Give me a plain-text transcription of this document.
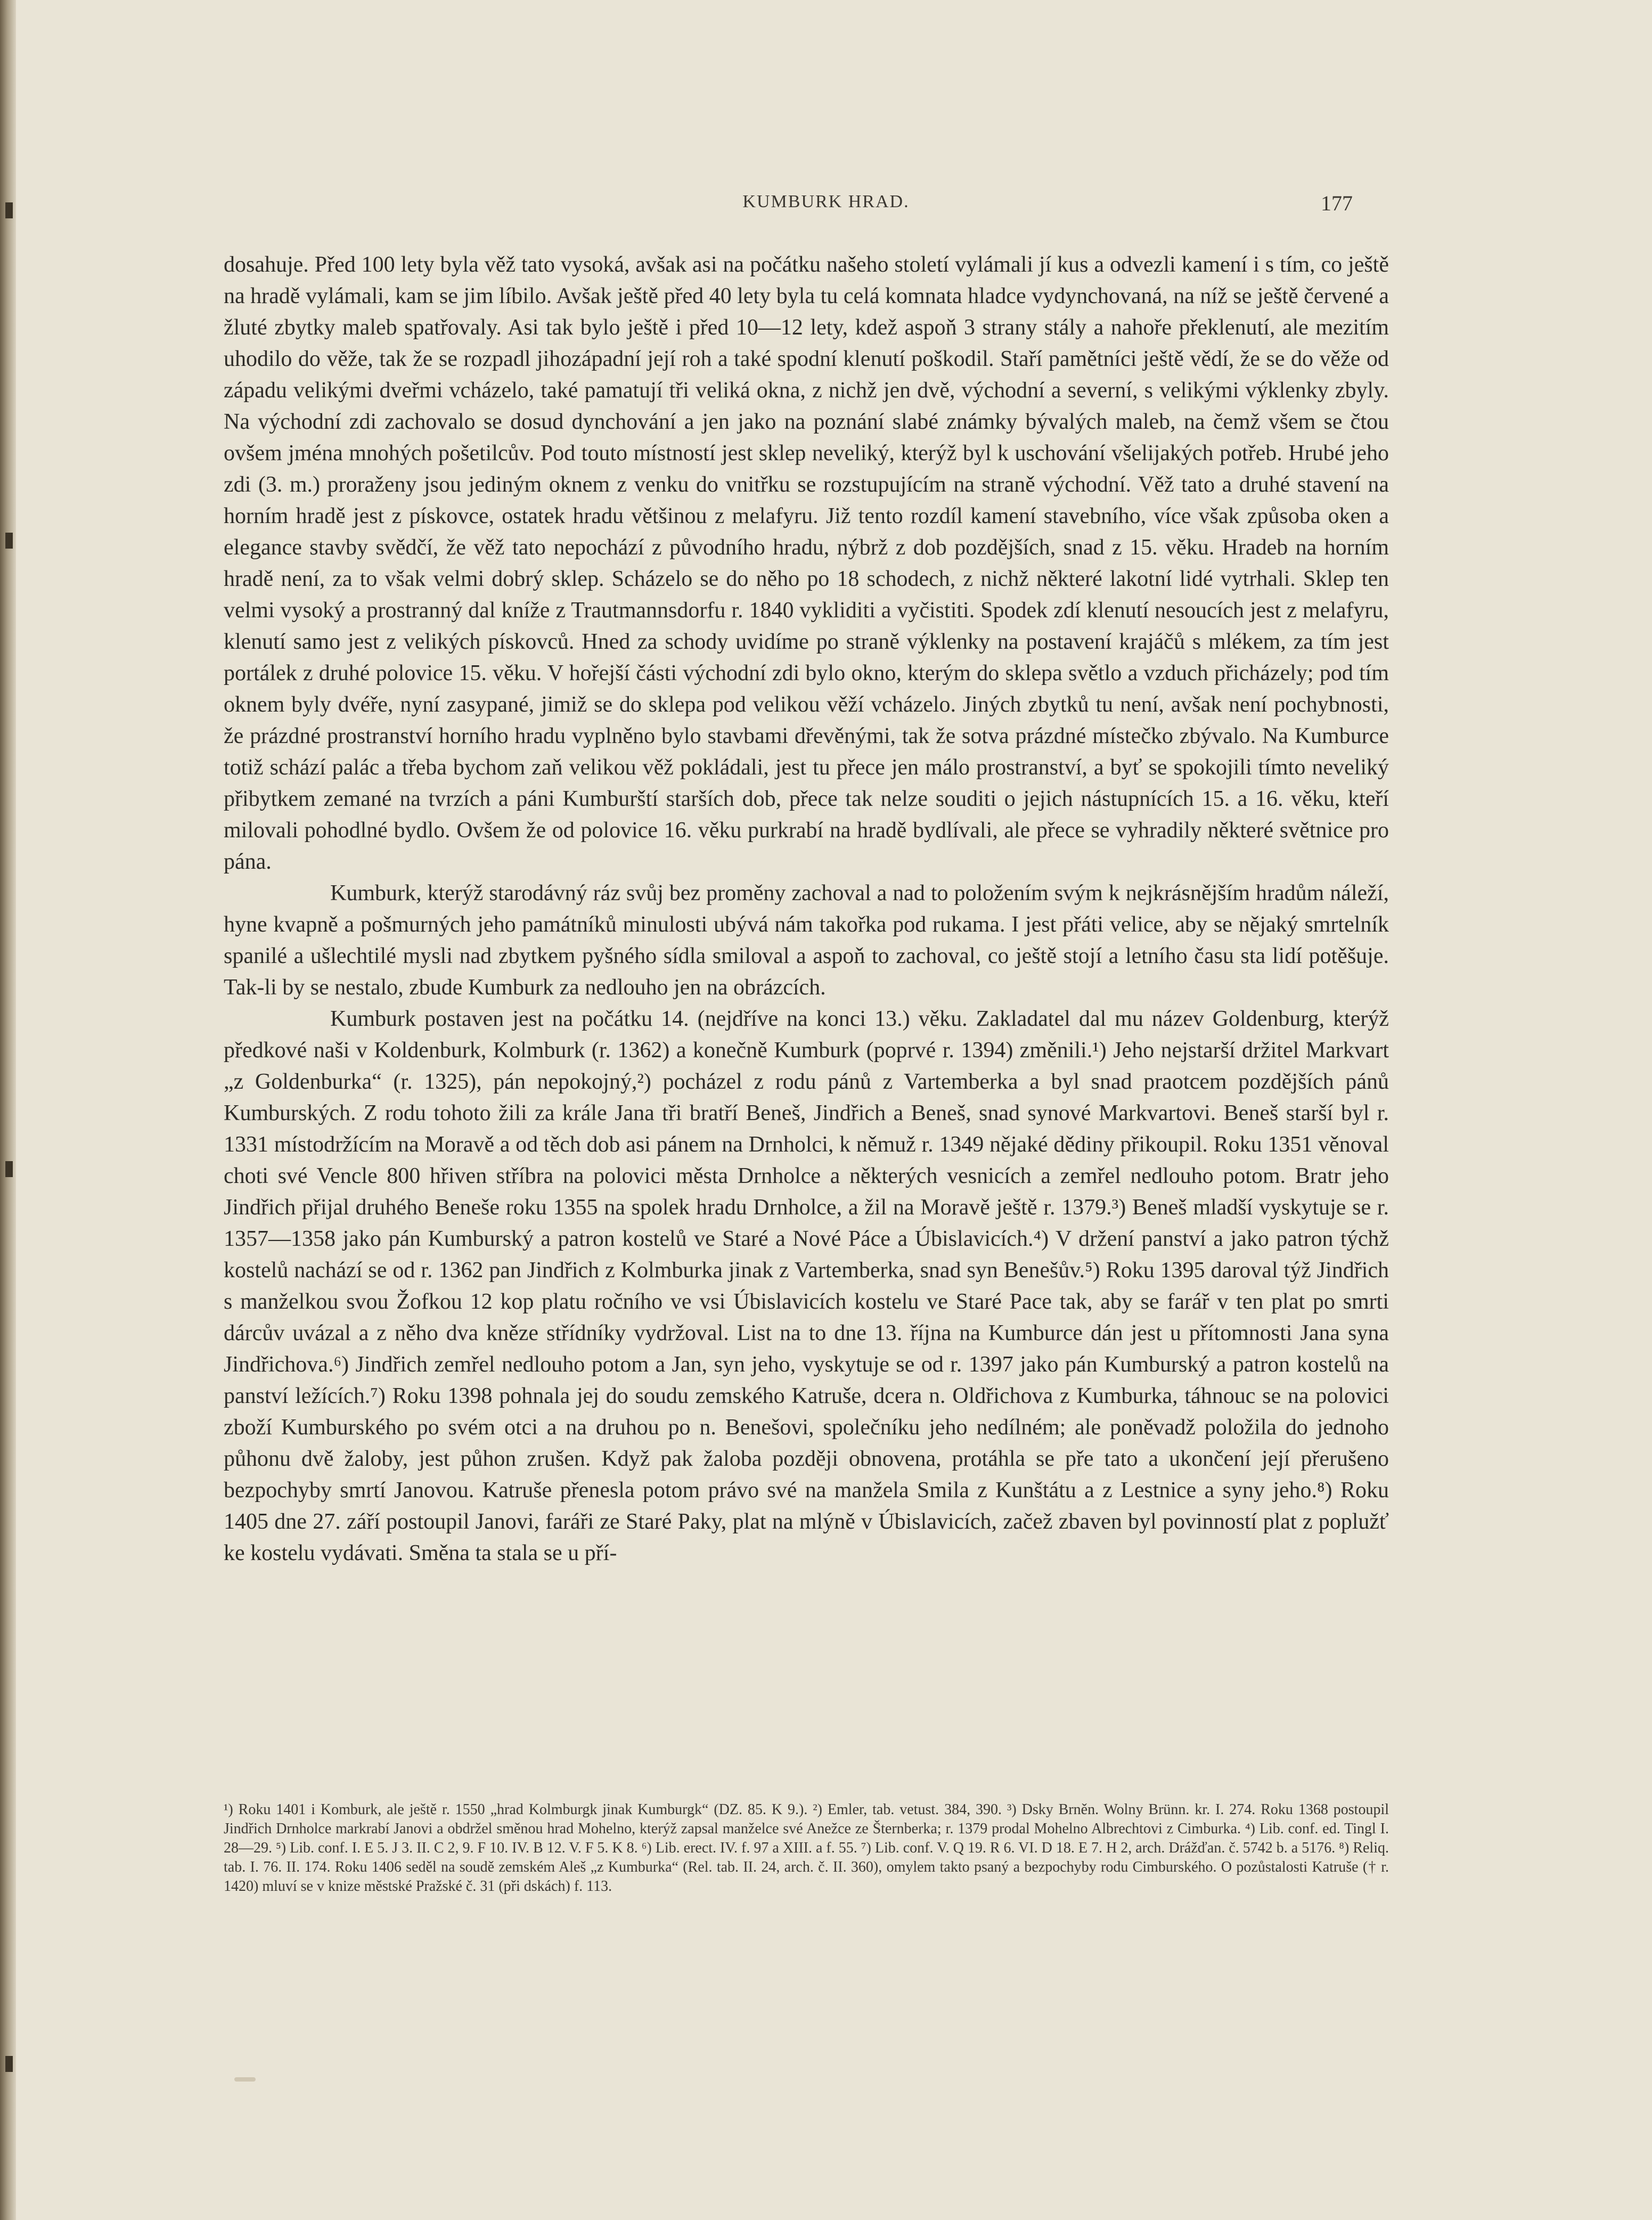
KUMBURK HRAD.	177

dosahuje. Před 100 lety byla věž tato vysoká, avšak asi na počátku našeho století vylámali jí kus a odvezli kamení i s tím, co ještě na hradě vylámali, kam se jim líbilo. Avšak ještě před 40 lety byla tu celá komnata hladce vydynchovaná, na níž se ještě červené a žluté zbytky maleb spatřovaly. Asi tak bylo ještě i před 10—12 lety, kdež aspoň 3 strany stály a nahoře překlenutí, ale mezitím uhodilo do věže, tak že se rozpadl jihozápadní její roh a také spodní klenutí poškodil. Staří pamětníci ještě vědí, že se do věže od západu velikými dveřmi vcházelo, také pamatují tři veliká okna, z nichž jen dvě, východní a severní, s velikými výklenky zbyly. Na východní zdi zachovalo se dosud dynchování a jen jako na poznání slabé známky bývalých maleb, na čemž všem se čtou ovšem jména mnohých pošetilcův. Pod touto místností jest sklep neveliký, kterýž byl k uschování všelijakých potřeb. Hrubé jeho zdi (3. m.) proraženy jsou jediným oknem z venku do vnitřku se rozstupujícím na straně východní. Věž tato a druhé stavení na horním hradě jest z pískovce, ostatek hradu většinou z melafyru. Již tento rozdíl kamení stavebního, více však způsoba oken a elegance stavby svědčí, že věž tato nepochází z původního hradu, nýbrž z dob pozdějších, snad z 15. věku. Hradeb na horním hradě není, za to však velmi dobrý sklep. Scházelo se do něho po 18 schodech, z nichž některé lakotní lidé vytrhali. Sklep ten velmi vysoký a prostranný dal kníže z Trautmannsdorfu r. 1840 vykliditi a vyčistiti. Spodek zdí klenutí nesoucích jest z melafyru, klenutí samo jest z velikých pískovců. Hned za schody uvidíme po straně výklenky na postavení krajáčů s mlékem, za tím jest portálek z druhé polovice 15. věku. V hořejší části východní zdi bylo okno, kterým do sklepa světlo a vzduch přicházely; pod tím oknem byly dvéře, nyní zasypané, jimiž se do sklepa pod velikou věží vcházelo. Jiných zbytků tu není, avšak není pochybnosti, že prázdné prostranství horního hradu vyplněno bylo stavbami dřevěnými, tak že sotva prázdné místečko zbývalo. Na Kumburce totiž schází palác a třeba bychom zaň velikou věž pokládali, jest tu přece jen málo prostranství, a byť se spokojili tímto neveliký přibytkem zemané na tvrzích a páni Kumburští starších dob, přece tak nelze souditi o jejich nástupnících 15. a 16. věku, kteří milovali pohodlné bydlo. Ovšem že od polovice 16. věku purkrabí na hradě bydlívali, ale přece se vyhradily některé světnice pro pána.

Kumburk, kterýž starodávný ráz svůj bez proměny zachoval a nad to položením svým k nejkrásnějším hradům náleží, hyne kvapně a pošmurných jeho památníků minulosti ubývá nám takořka pod rukama. I jest přáti velice, aby se nějaký smrtelník spanilé a ušlechtilé mysli nad zbytkem pyšného sídla smiloval a aspoň to zachoval, co ještě stojí a letního času sta lidí potěšuje. Tak-li by se nestalo, zbude Kumburk za nedlouho jen na obrázcích.

Kumburk postaven jest na počátku 14. (nejdříve na konci 13.) věku. Zakladatel dal mu název Goldenburg, kterýž předkové naši v Koldenburk, Kolmburk (r. 1362) a konečně Kumburk (poprvé r. 1394) změnili.¹) Jeho nejstarší držitel Markvart „z Goldenburka“ (r. 1325), pán nepokojný,²) pocházel z rodu pánů z Vartemberka a byl snad praotcem pozdějších pánů Kumburských. Z rodu tohoto žili za krále Jana tři bratří Beneš, Jindřich a Beneš, snad synové Markvartovi. Beneš starší byl r. 1331 místodržícím na Moravě a od těch dob asi pánem na Drnholci, k němuž r. 1349 nějaké dědiny přikoupil. Roku 1351 věnoval choti své Vencle 800 hřiven stříbra na polovici města Drnholce a některých vesnicích a zemřel nedlouho potom. Bratr jeho Jindřich přijal druhého Beneše roku 1355 na spolek hradu Drnholce, a žil na Moravě ještě r. 1379.³) Beneš mladší vyskytuje se r. 1357—1358 jako pán Kumburský a patron kostelů ve Staré a Nové Páce a Úbislavicích.⁴) V držení panství a jako patron týchž kostelů nachází se od r. 1362 pan Jindřich z Kolmburka jinak z Vartemberka, snad syn Benešův.⁵) Roku 1395 daroval týž Jindřich s manželkou svou Žofkou 12 kop platu ročního ve vsi Úbislavicích kostelu ve Staré Pace tak, aby se farář v ten plat po smrti dárcův uvázal a z něho dva kněze střídníky vydržoval. List na to dne 13. října na Kumburce dán jest u přítomnosti Jana syna Jindřichova.⁶) Jindřich zemřel nedlouho potom a Jan, syn jeho, vyskytuje se od r. 1397 jako pán Kumburský a patron kostelů na panství ležících.⁷) Roku 1398 pohnala jej do soudu zemského Katruše, dcera n. Oldřichova z Kumburka, táhnouc se na polovici zboží Kumburského po svém otci a na druhou po n. Benešovi, společníku jeho nedílném; ale poněvadž položila do jednoho půhonu dvě žaloby, jest půhon zrušen. Když pak žaloba později obnovena, protáhla se pře tato a ukončení její přerušeno bezpochyby smrtí Janovou. Katruše přenesla potom právo své na manžela Smila z Kunštátu a z Lestnice a syny jeho.⁸) Roku 1405 dne 27. září postoupil Janovi, faráři ze Staré Paky, plat na mlýně v Úbislavicích, začež zbaven byl povinností plat z poplužť ke kostelu vydávati. Směna ta stala se u pří-

¹) Roku 1401 i Komburk, ale ještě r. 1550 „hrad Kolmburgk jinak Kumburgk“ (DZ. 85. K 9.). ²) Emler, tab. vetust. 384, 390. ³) Dsky Brněn. Wolny Brünn. kr. I. 274. Roku 1368 postoupil Jindřich Drnholce markrabí Janovi a obdržel směnou hrad Mohelno, kterýž zapsal manželce své Anežce ze Šternberka; r. 1379 prodal Mohelno Albrechtovi z Cimburka. ⁴) Lib. conf. ed. Tingl I. 28—29. ⁵) Lib. conf. I. E 5. J 3. II. C 2, 9. F 10. IV. B 12. V. F 5. K 8. ⁶) Lib. erect. IV. f. 97 a XIII. a f. 55. ⁷) Lib. conf. V. Q 19. R 6. VI. D 18. E 7. H 2, arch. Drážďan. č. 5742 b. a 5176. ⁸) Reliq. tab. I. 76. II. 174. Roku 1406 seděl na soudě zemském Aleš „z Kumburka“ (Rel. tab. II. 24, arch. č. II. 360), omylem takto psaný a bezpochyby rodu Cimburského. O pozůstalosti Katruše († r. 1420) mluví se v knize městské Pražské č. 31 (při dskách) f. 113.
